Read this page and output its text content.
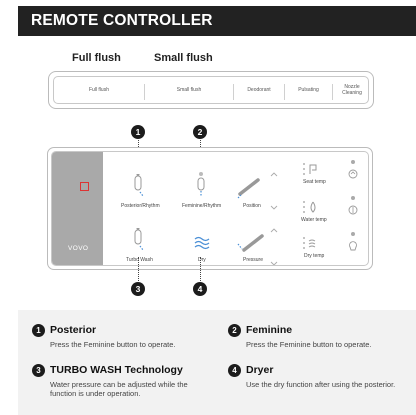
REMOTE CONTROLLER
Full flush	Small flush
Full flush	Small flush	Deodorant	Pulsating
Nozzle
Cleaning
1	2
VOVO
Posterior/Rhythm	Feminine/Rhythm	Position
Turbo Wash	Dry	Pressure
Seat temp
Water temp
Dry temp
3	4
1 Posterior
Press the Feminine button to operate.
2 Feminine
Press the Feminine button to operate.
3 TURBO WASH Technology
Water pressure can be adjusted while the function is under operation.
4 Dryer
Use the dry function after using the posterior.
